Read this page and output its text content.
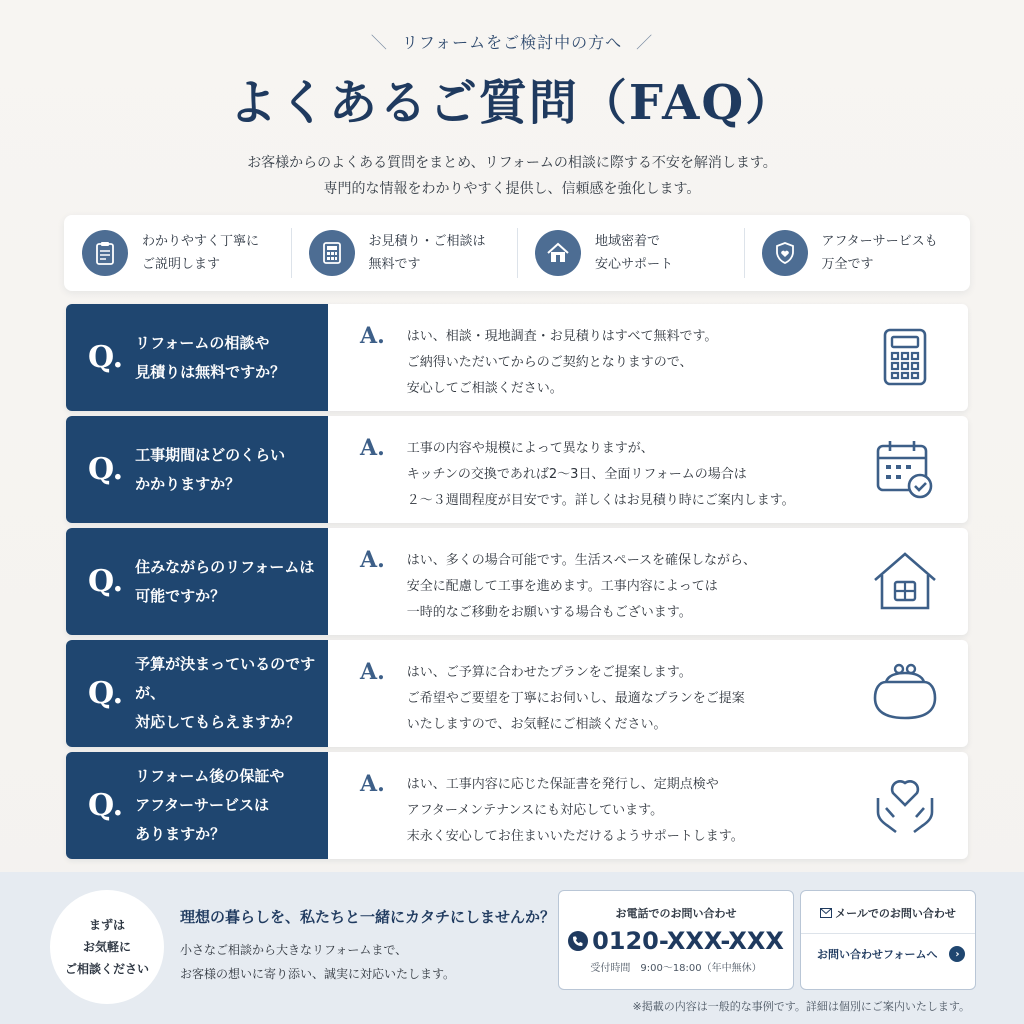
＼ リフォームをご検討中の方へ ／
よくあるご質問（FAQ）
お客様からのよくある質問をまとめ、リフォームの相談に際する不安を解消します。
専門的な情報をわかりやすく提供し、信頼感を強化します。
わかりやすく丁寧に
ご説明します
お見積り・ご相談は
無料です
地域密着で
安心サポート
アフターサービスも
万全です
Q. リフォームの相談や
見積りは無料ですか？
A. はい、相談・現地調査・お見積りはすべて無料です。
ご納得いただいてからのご契約となりますので、
安心してご相談ください。
Q. 工事期間はどのくらい
かかりますか？
A. 工事の内容や規模によって異なりますが、
キッチンの交換であれば2〜3日、全面リフォームの場合は
２〜３週間程度が目安です。詳しくはお見積り時にご案内します。
Q. 住みながらのリフォームは
可能ですか？
A. はい、多くの場合可能です。生活スペースを確保しながら、
安全に配慮して工事を進めます。工事内容によっては
一時的なご移動をお願いする場合もございます。
Q.
予算が決まっているのですが、
対応してもらえますか？
A. はい、ご予算に合わせたプランをご提案します。
ご希望やご要望を丁寧にお伺いし、最適なプランをご提案
いたしますので、お気軽にご相談ください。
Q.
リフォーム後の保証や
アフターサービスは
ありますか？
A. はい、工事内容に応じた保証書を発行し、定期点検や
アフターメンテナンスにも対応しています。
末永く安心してお住まいいただけるようサポートします。
まずは
お気軽に
ご相談ください
理想の暮らしを、私たちと一緒にカタチにしませんか？
小さなご相談から大きなリフォームまで、
お客様の想いに寄り添い、誠実に対応いたします。
お電話でのお問い合わせ
0120-XXX-XXX
受付時間　9:00〜18:00（年中無休）
メールでのお問い合わせ
お問い合わせフォームへ	›
※掲載の内容は一般的な事例です。詳細は個別にご案内いたします。
